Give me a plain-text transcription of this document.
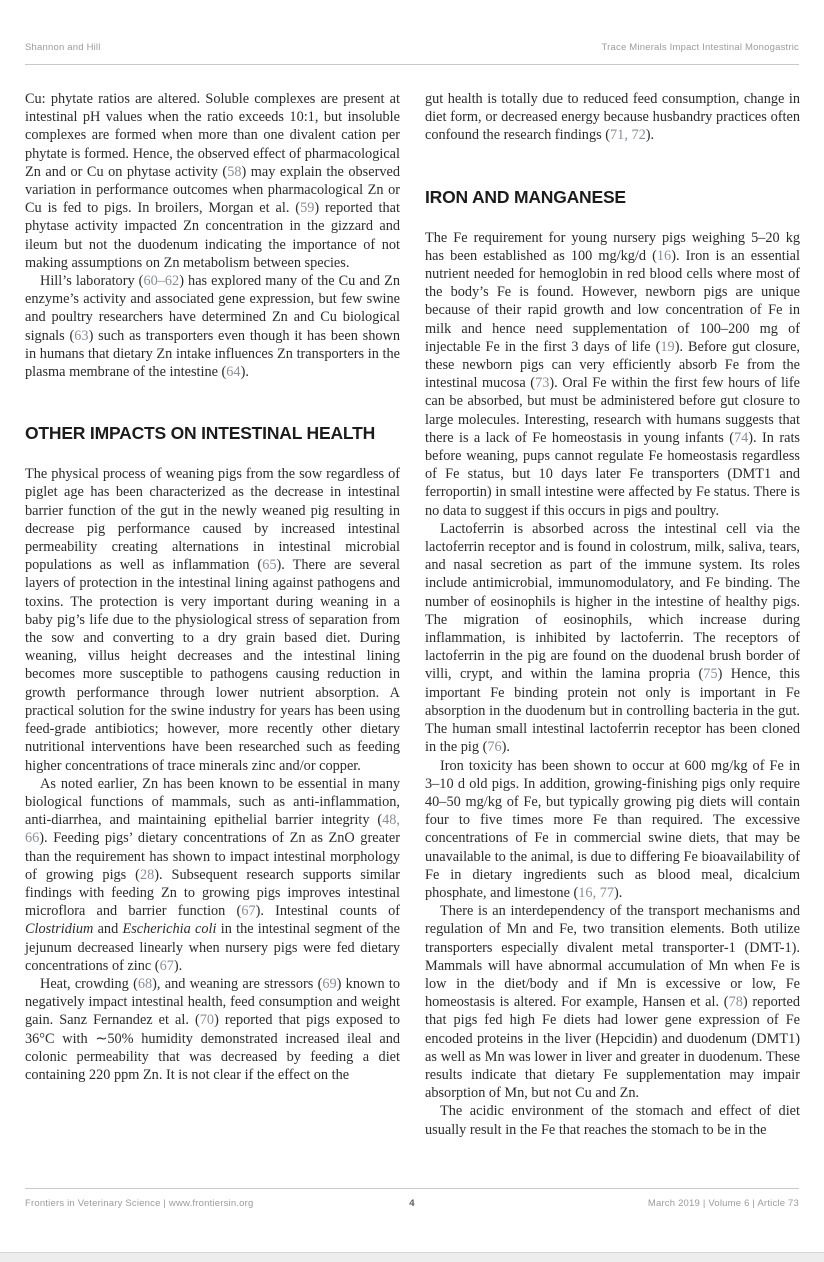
Shannon and Hill	Trace Minerals Impact Intestinal Monogastric

Cu: phytate ratios are altered. Soluble complexes are present at intestinal pH values when the ratio exceeds 10:1, but insoluble complexes are formed when more than one divalent cation per phytate is formed. Hence, the observed effect of pharmacological Zn and or Cu on phytase activity (58) may explain the observed variation in performance outcomes when pharmacological Zn or Cu is fed to pigs. In broilers, Morgan et al. (59) reported that phytase activity impacted Zn concentration in the gizzard and ileum but not the duodenum indicating the importance of not making assumptions on Zn metabolism between species.

Hill’s laboratory (60–62) has explored many of the Cu and Zn enzyme’s activity and associated gene expression, but few swine and poultry researchers have determined Zn and Cu biological signals (63) such as transporters even though it has been shown in humans that dietary Zn intake influences Zn transporters in the plasma membrane of the intestine (64).

OTHER IMPACTS ON INTESTINAL HEALTH

The physical process of weaning pigs from the sow regardless of piglet age has been characterized as the decrease in intestinal barrier function of the gut in the newly weaned pig resulting in decrease pig performance caused by increased intestinal permeability creating alternations in intestinal microbial populations as well as inflammation (65). There are several layers of protection in the intestinal lining against pathogens and toxins. The protection is very important during weaning in a baby pig’s life due to the physiological stress of separation from the sow and converting to a dry grain based diet. During weaning, villus height decreases and the intestinal lining becomes more susceptible to pathogens causing reduction in growth performance through lower nutrient absorption. A practical solution for the swine industry for years has been using feed-grade antibiotics; however, more recently other dietary nutritional interventions have been researched such as feeding higher concentrations of trace minerals zinc and/or copper.

As noted earlier, Zn has been known to be essential in many biological functions of mammals, such as anti-inflammation, anti-diarrhea, and maintaining epithelial barrier integrity (48, 66). Feeding pigs’ dietary concentrations of Zn as ZnO greater than the requirement has shown to impact intestinal morphology of growing pigs (28). Subsequent research supports similar findings with feeding Zn to growing pigs improves intestinal microflora and barrier function (67). Intestinal counts of Clostridium and Escherichia coli in the intestinal segment of the jejunum decreased linearly when nursery pigs were fed dietary concentrations of zinc (67).

Heat, crowding (68), and weaning are stressors (69) known to negatively impact intestinal health, feed consumption and weight gain. Sanz Fernandez et al. (70) reported that pigs exposed to 36°C with ∼50% humidity demonstrated increased ileal and colonic permeability that was decreased by feeding a diet containing 220 ppm Zn. It is not clear if the effect on the

gut health is totally due to reduced feed consumption, change in diet form, or decreased energy because husbandry practices often confound the research findings (71, 72).

IRON AND MANGANESE

The Fe requirement for young nursery pigs weighing 5–20 kg has been established as 100 mg/kg/d (16). Iron is an essential nutrient needed for hemoglobin in red blood cells where most of the body’s Fe is found. However, newborn pigs are unique because of their rapid growth and low concentration of Fe in milk and hence need supplementation of 100–200 mg of injectable Fe in the first 3 days of life (19). Before gut closure, these newborn pigs can very efficiently absorb Fe from the intestinal mucosa (73). Oral Fe within the first few hours of life can be absorbed, but must be administered before gut closure to large molecules. Interesting, research with humans suggests that there is a lack of Fe homeostasis in young infants (74). In rats before weaning, pups cannot regulate Fe homeostasis regardless of Fe status, but 10 days later Fe transporters (DMT1 and ferroportin) in small intestine were affected by Fe status. There is no data to suggest if this occurs in pigs and poultry.

Lactoferrin is absorbed across the intestinal cell via the lactoferrin receptor and is found in colostrum, milk, saliva, tears, and nasal secretion as part of the immune system. Its roles include antimicrobial, immunomodulatory, and Fe binding. The number of eosinophils is higher in the intestine of healthy pigs. The migration of eosinophils, which increase during inflammation, is inhibited by lactoferrin. The receptors of lactoferrin in the pig are found on the duodenal brush border of villi, crypt, and within the lamina propria (75) Hence, this important Fe binding protein not only is important in Fe absorption in the duodenum but in controlling bacteria in the gut. The human small intestinal lactoferrin receptor has been cloned in the pig (76).

Iron toxicity has been shown to occur at 600 mg/kg of Fe in 3–10 d old pigs. In addition, growing-finishing pigs only require 40–50 mg/kg of Fe, but typically growing pig diets will contain four to five times more Fe than required. The excessive concentrations of Fe in commercial swine diets, that may be unavailable to the animal, is due to differing Fe bioavailability of Fe in dietary ingredients such as blood meal, dicalcium phosphate, and limestone (16, 77).

There is an interdependency of the transport mechanisms and regulation of Mn and Fe, two transition elements. Both utilize transporters especially divalent metal transporter-1 (DMT-1). Mammals will have abnormal accumulation of Mn when Fe is low in the diet/body and if Mn is excessive or low, Fe homeostasis is altered. For example, Hansen et al. (78) reported that pigs fed high Fe diets had lower gene expression of Fe encoded proteins in the liver (Hepcidin) and duodenum (DMT1) as well as Mn was lower in liver and greater in duodenum. These results indicate that dietary Fe supplementation may impair absorption of Mn, but not Cu and Zn.

The acidic environment of the stomach and effect of diet usually result in the Fe that reaches the stomach to be in the

Frontiers in Veterinary Science | www.frontiersin.org	4	March 2019 | Volume 6 | Article 73
